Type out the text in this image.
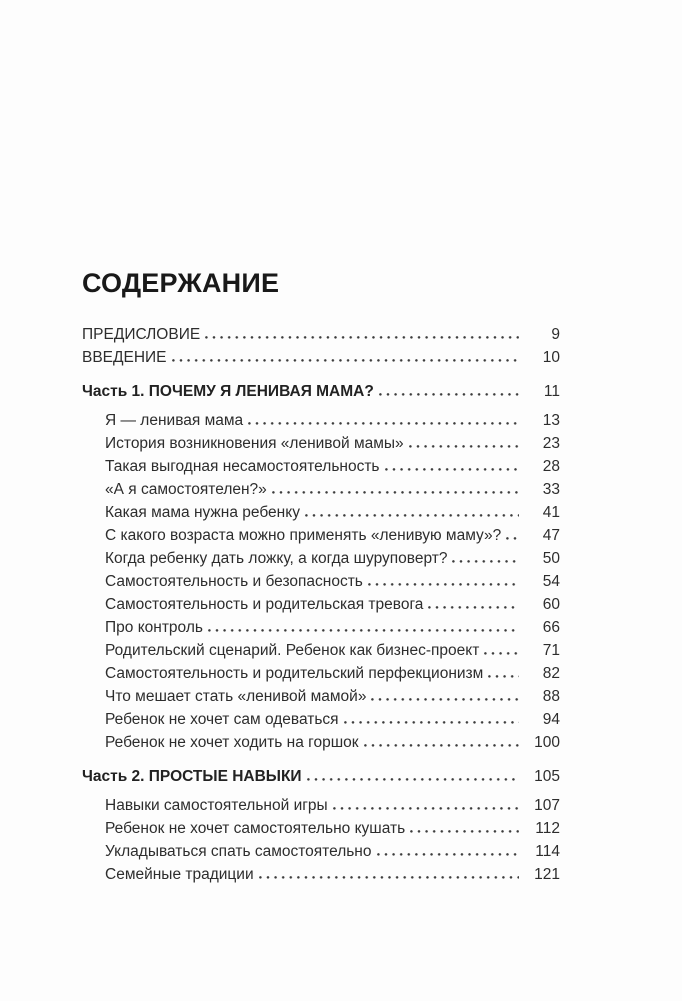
СОДЕРЖАНИЕ
ПРЕДИСЛОВИЕ	9
ВВЕДЕНИЕ	10
Часть 1. ПОЧЕМУ Я ЛЕНИВАЯ МАМА?	11
Я — ленивая мама	13
История возникновения «ленивой мамы»	23
Такая выгодная несамостоятельность	28
«А я самостоятелен?»	33
Какая мама нужна ребенку	41
С какого возраста можно применять «ленивую маму»?	47
Когда ребенку дать ложку, а когда шуруповерт?	50
Самостоятельность и безопасность	54
Самостоятельность и родительская тревога	60
Про контроль	66
Родительский сценарий. Ребенок как бизнес-проект	71
Самостоятельность и родительский перфекционизм	82
Что мешает стать «ленивой мамой»	88
Ребенок не хочет сам одеваться	94
Ребенок не хочет ходить на горшок	100
Часть 2. ПРОСТЫЕ НАВЫКИ	105
Навыки самостоятельной игры	107
Ребенок не хочет самостоятельно кушать	112
Укладываться спать самостоятельно	114
Семейные традиции	121
